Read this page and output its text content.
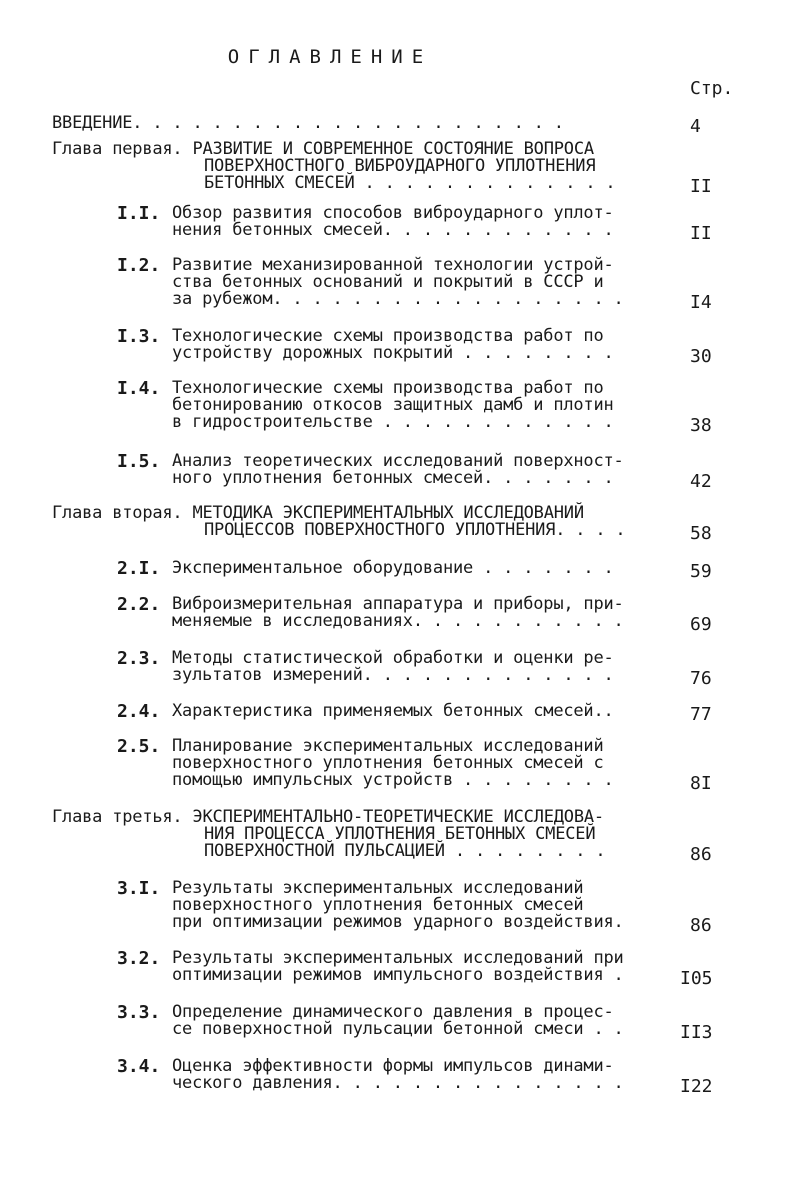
ОГЛАВЛЕНИЕ
Стр.
ВВЕДЕНИЕ. . . . . . . . . . . . . . . . . . . . . .	4
Глава первая. РАЗВИТИЕ И СОВРЕМЕННОЕ СОСТОЯНИЕ ВОПРОСА
ПОВЕРХНОСТНОГО ВИБРОУДАРНОГО УПЛОТНЕНИЯ
БЕТОННЫХ СМЕСЕЙ . . . . . . . . . . . . .	II
I.I. Обзор развития способов виброударного уплот-
нения бетонных смесей. . . . . . . . . . . .	II
I.2. Развитие механизированной технологии устрой-
ства бетонных оснований и покрытий в СССР и
за рубежом. . . . . . . . . . . . . . . . . .	I4
I.3. Технологические схемы производства работ по
устройству дорожных покрытий . . . . . . . .	30
I.4. Технологические схемы производства работ по
бетонированию откосов защитных дамб и плотин
в гидростроительстве . . . . . . . . . . . .	38
I.5. Анализ теоретических исследований поверхност-
ного уплотнения бетонных смесей. . . . . . .	42
Глава вторая. МЕТОДИКА ЭКСПЕРИМЕНТАЛЬНЫХ ИССЛЕДОВАНИЙ
ПРОЦЕССОВ ПОВЕРХНОСТНОГО УПЛОТНЕНИЯ. . . .	58
2.I. Экспериментальное оборудование . . . . . . .	59
2.2. Виброизмерительная аппаратура и приборы, при-
меняемые в исследованиях. . . . . . . . . . .	69
2.3. Методы статистической обработки и оценки ре-
зультатов измерений. . . . . . . . . . . . .	76
2.4. Характеристика применяемых бетонных смесей..	77
2.5. Планирование экспериментальных исследований
поверхностного уплотнения бетонных смесей с
помощью импульсных устройств . . . . . . . .	8I
Глава третья. ЭКСПЕРИМЕНТАЛЬНО-ТЕОРЕТИЧЕСКИЕ ИССЛЕДОВА-
НИЯ ПРОЦЕССА УПЛОТНЕНИЯ БЕТОННЫХ СМЕСЕЙ
ПОВЕРХНОСТНОЙ ПУЛЬСАЦИЕЙ . . . . . . . .	86
3.I. Результаты экспериментальных исследований
поверхностного уплотнения бетонных смесей
при оптимизации режимов ударного воздействия.	86
3.2. Результаты экспериментальных исследований при
оптимизации режимов импульсного воздействия .	I05
3.3. Определение динамического давления в процес-
се поверхностной пульсации бетонной смеси . .	II3
3.4. Оценка эффективности формы импульсов динами-
ческого давления. . . . . . . . . . . . . . .	I22
